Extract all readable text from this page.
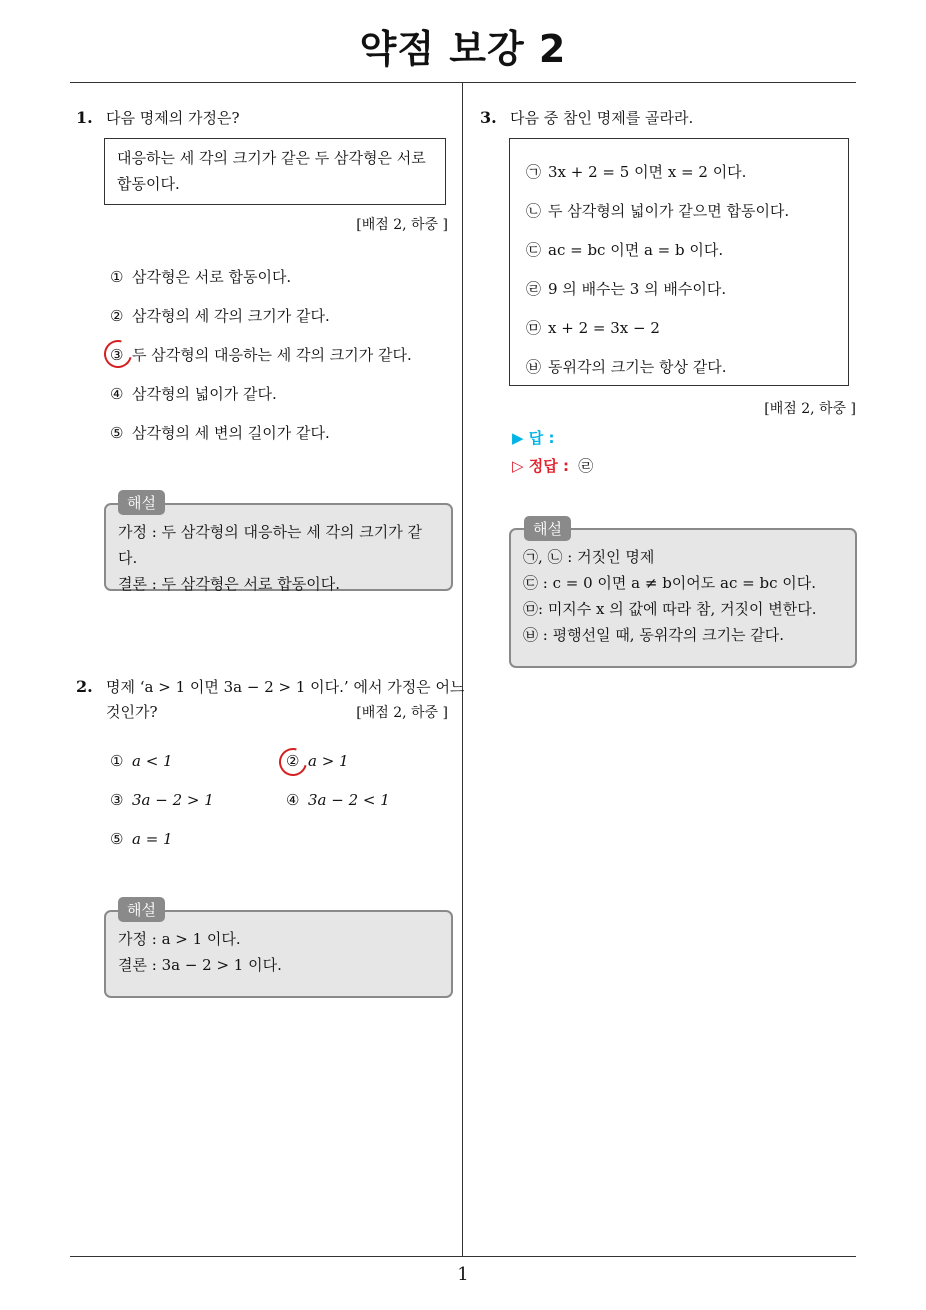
약점 보강 2
1
1. 다음 명제의 가정은?
대응하는 세 각의 크기가 같은 두 삼각형은 서로 합동이다.
[배점 2, 하중 ]
① 삼각형은 서로 합동이다.
② 삼각형의 세 각의 크기가 같다.
③ 두 삼각형의 대응하는 세 각의 크기가 같다.
④ 삼각형의 넓이가 같다.
⑤ 삼각형의 세 변의 길이가 같다.
가정 : 두 삼각형의 대응하는 세 각의 크기가 같다.
결론 : 두 삼각형은 서로 합동이다.
해설
2. 명제 ‘a > 1 이면 3a − 2 > 1 이다.’ 에서 가정은 어느
것인가?	[배점 2, 하중 ]
① a < 1	② a > 1
③ 3a − 2 > 1	④ 3a − 2 < 1
⑤ a = 1
가정 : a > 1 이다.
결론 : 3a − 2 > 1 이다.
해설
3. 다음 중 참인 명제를 골라라.
㉠ 3x + 2 = 5 이면 x = 2 이다.
㉡ 두 삼각형의 넓이가 같으면 합동이다.
㉢ ac = bc 이면 a = b 이다.
㉣ 9 의 배수는 3 의 배수이다.
㉤ x + 2 = 3x − 2
㉥ 동위각의 크기는 항상 같다.
[배점 2, 하중 ]
▶ 답 :
▷ 정답 : ㉣
㉠, ㉡ : 거짓인 명제
㉢ : c = 0 이면 a ≠ b이어도 ac = bc 이다.
㉤: 미지수 x 의 값에 따라 참, 거짓이 변한다.
㉥ : 평행선일 때, 동위각의 크기는 같다.
해설
